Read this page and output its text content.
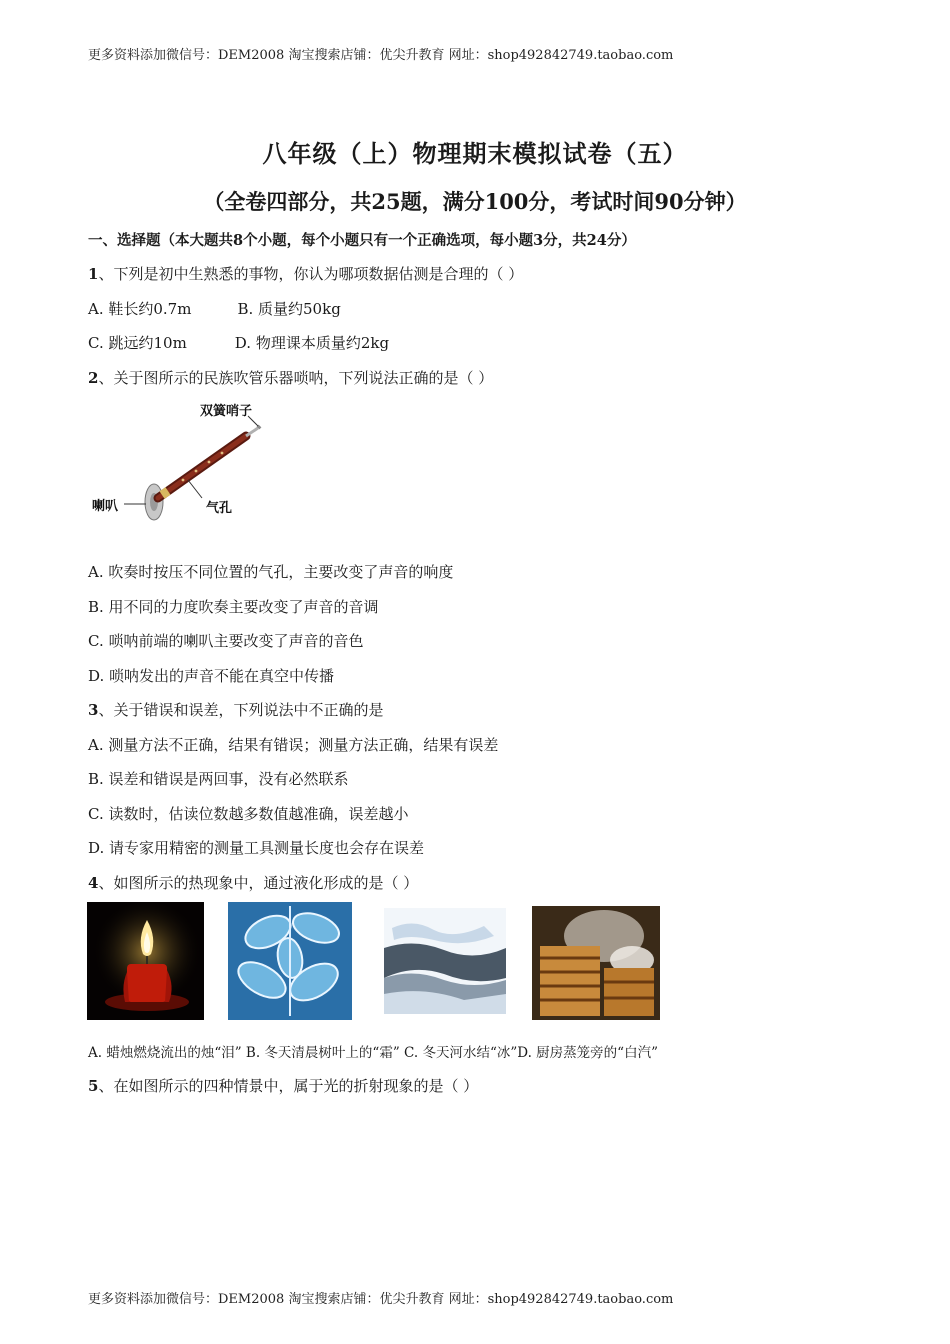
更多资料添加微信号：DEM2008 淘宝搜索店铺：优尖升教育 网址：shop492842749.taobao.com
八年级（上）物理期末模拟试卷（五）
（全卷四部分，共25题，满分100分，考试时间90分钟）
一、选择题（本大题共8个小题，每个小题只有一个正确选项，每小题3分，共24分）
1、下列是初中生熟悉的事物，你认为哪项数据估测是合理的（ ）
A. 鞋长约0.7m	B. 质量约50kg
C. 跳远约10m	D. 物理课本质量约2kg
2、关于图所示的民族吹管乐器唢呐，下列说法正确的是（ ）
双簧哨子
喇叭	气孔
A. 吹奏时按压不同位置的气孔，主要改变了声音的响度
B. 用不同的力度吹奏主要改变了声音的音调
C. 唢呐前端的喇叭主要改变了声音的音色
D. 唢呐发出的声音不能在真空中传播
3、关于错误和误差，下列说法中不正确的是
A. 测量方法不正确，结果有错误；测量方法正确，结果有误差
B. 误差和错误是两回事，没有必然联系
C. 读数时，估读位数越多数值越准确，误差越小
D. 请专家用精密的测量工具测量长度也会存在误差
4、如图所示的热现象中，通过液化形成的是（ ）
A. 蜡烛燃烧流出的烛“泪” B. 冬天清晨树叶上的“霜” C. 冬天河水结“冰”D. 厨房蒸笼旁的“白汽”
5、在如图所示的四种情景中，属于光的折射现象的是（ ）
更多资料添加微信号：DEM2008 淘宝搜索店铺：优尖升教育 网址：shop492842749.taobao.com
